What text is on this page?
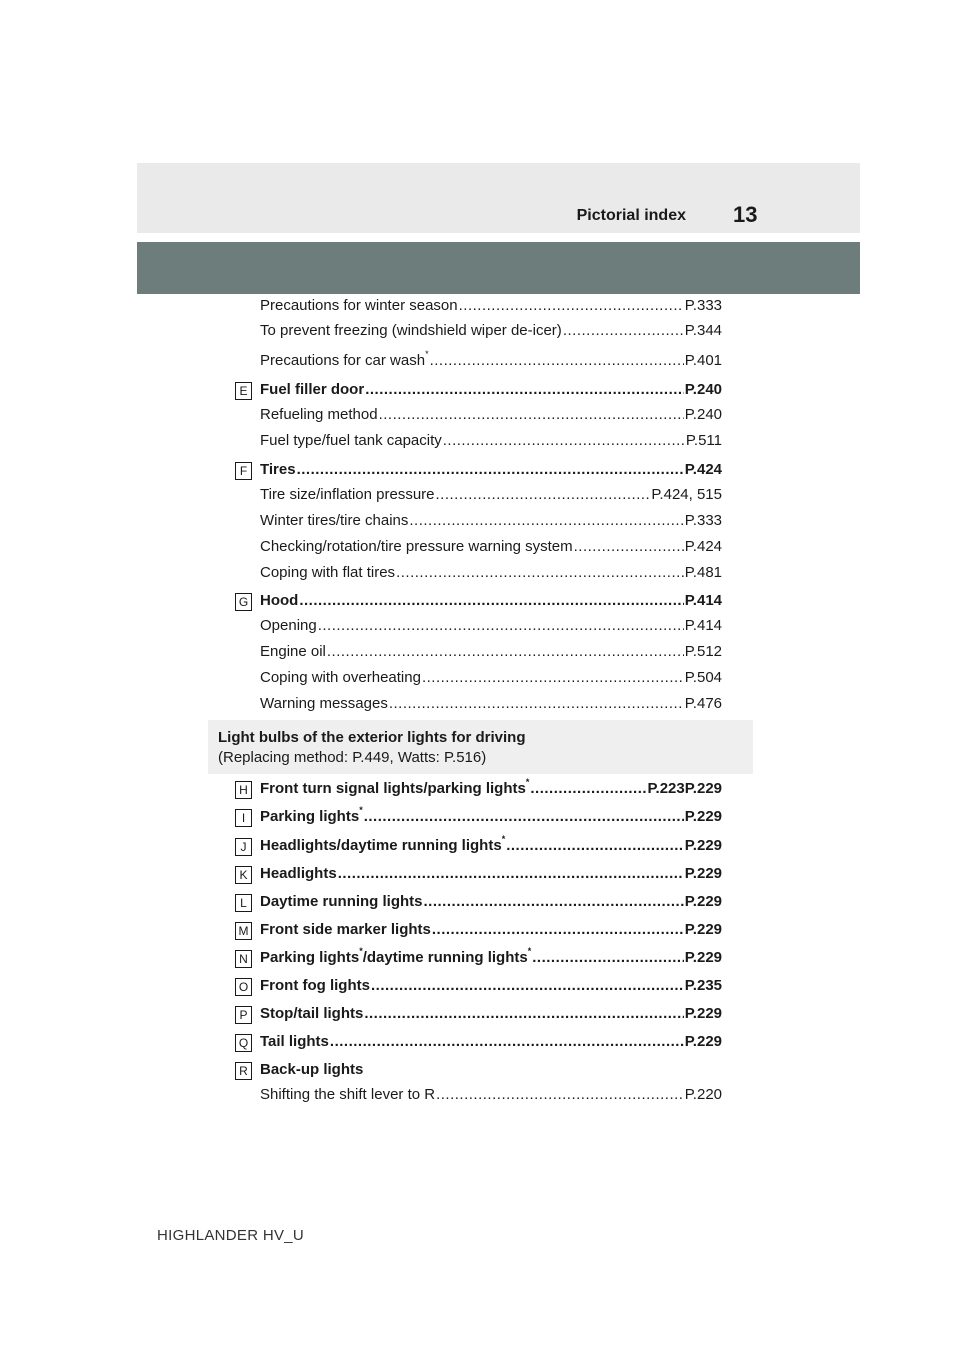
Pictorial index 13
Precautions for winter season .....	P.333
To prevent freezing (windshield wiper de-icer) .....	P.344
Precautions for car wash* .....	P.401
E Fuel filler door .....	P.240
Refueling method .....	P.240
Fuel type/fuel tank capacity .....	P.511
F Tires .....	P.424
Tire size/inflation pressure .....	P.424, 515
Winter tires/tire chains .....	P.333
Checking/rotation/tire pressure warning system .....	P.424
Coping with flat tires .....	P.481
G Hood .....	P.414
Opening .....	P.414
Engine oil .....	P.512
Coping with overheating .....	P.504
Warning messages .....	P.476
Light bulbs of the exterior lights for driving
(Replacing method: P.449, Watts: P.516)
H Front turn signal lights/parking lights* .....	P.223P.229
I Parking lights* .....	P.229
J Headlights/daytime running lights* .....	P.229
K Headlights .....	P.229
L Daytime running lights .....	P.229
M Front side marker lights .....	P.229
N Parking lights*/daytime running lights* .....	P.229
O Front fog lights .....	P.235
P Stop/tail lights .....	P.229
Q Tail lights .....	P.229
R Back-up lights
Shifting the shift lever to R .....	P.220
HIGHLANDER HV_U
